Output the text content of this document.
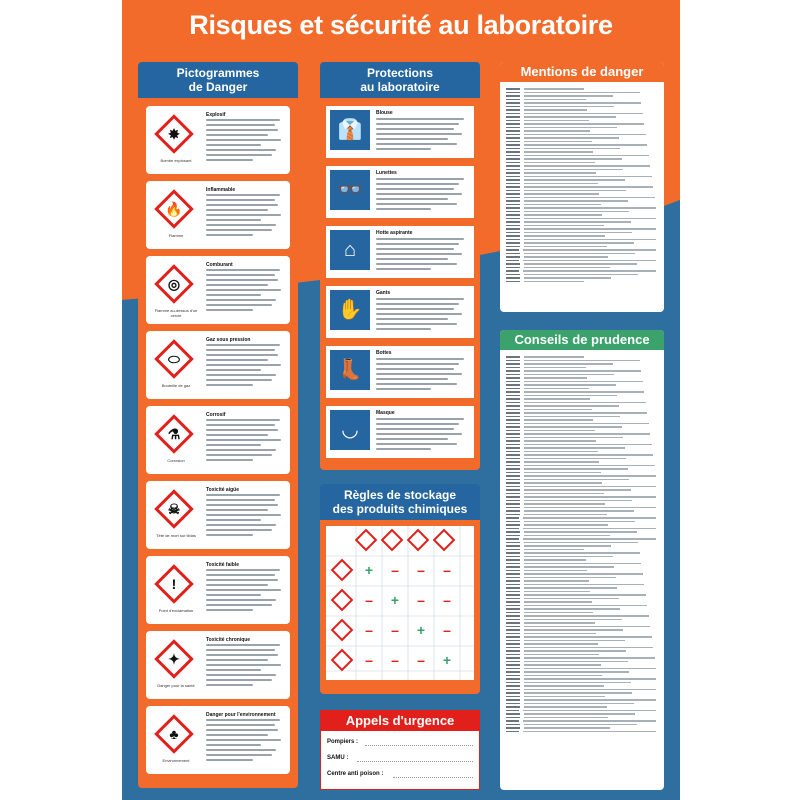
Risques et sécurité au laboratoire
Pictogrammes
de Danger
✸
Bombe explosant
Explosif
🔥
Flamme
Inflammable
◎
Flamme au-dessus d'un cercle
Comburant
⬭
Bouteille de gaz
Gaz sous pression
⚗
Corrosion
Corrosif
☠
Tête de mort sur tibias
Toxicité aigüe
!
Point d'exclamation
Toxicité faible
✦
Danger pour la santé
Toxicité chronique
♣
Environnement
Danger pour l'environnement
Protections
au laboratoire
👔
Blouse
👓
Lunettes
⌂
Hotte aspirante
✋
Gants
👢
Bottes
◡
Masque
Règles de stockage
des produits chimiques
+	–	–	–
–	+	–	–
–	–	+	–
–	–	–	+
Appels d'urgence
Pompiers :
SAMU :
Centre anti poison :
Mentions de danger
Conseils de prudence
